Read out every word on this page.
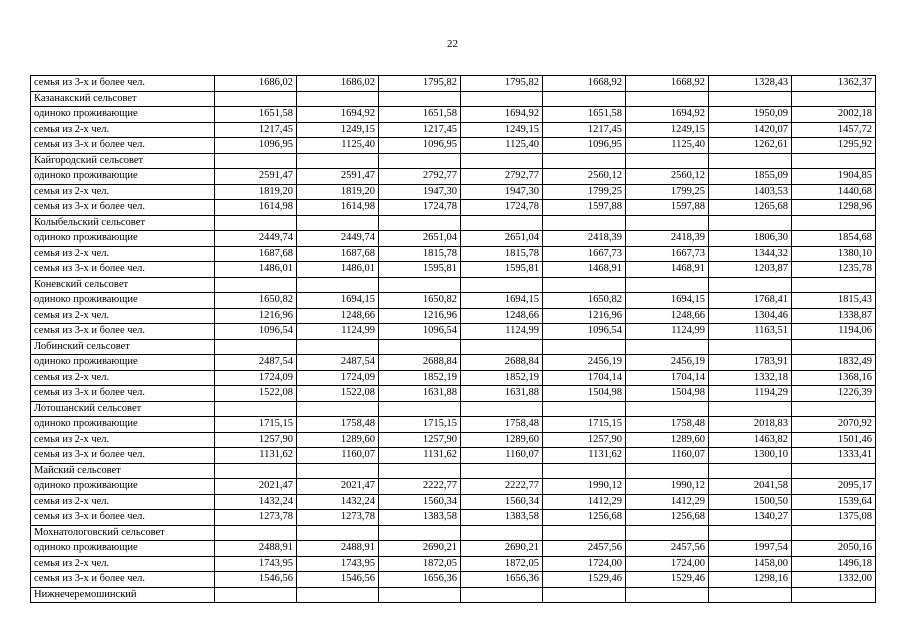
22
семья из 3-х и более чел.	1686,02	1686,02	1795,82	1795,82	1668,92	1668,92	1328,43	1362,37
Казанакский сельсовет								
одиноко проживающие	1651,58	1694,92	1651,58	1694,92	1651,58	1694,92	1950,09	2002,18
семья из 2-х чел.	1217,45	1249,15	1217,45	1249,15	1217,45	1249,15	1420,07	1457,72
семья из 3-х и более чел.	1096,95	1125,40	1096,95	1125,40	1096,95	1125,40	1262,61	1295,92
Кайгородский сельсовет								
одиноко проживающие	2591,47	2591,47	2792,77	2792,77	2560,12	2560,12	1855,09	1904,85
семья из 2-х чел.	1819,20	1819,20	1947,30	1947,30	1799,25	1799,25	1403,53	1440,68
семья из 3-х и более чел.	1614,98	1614,98	1724,78	1724,78	1597,88	1597,88	1265,68	1298,96
Колыбельский сельсовет								
одиноко проживающие	2449,74	2449,74	2651,04	2651,04	2418,39	2418,39	1806,30	1854,68
семья из 2-х чел.	1687,68	1687,68	1815,78	1815,78	1667,73	1667,73	1344,32	1380,10
семья из 3-х и более чел.	1486,01	1486,01	1595,81	1595,81	1468,91	1468,91	1203,87	1235,78
Коневский сельсовет								
одиноко проживающие	1650,82	1694,15	1650,82	1694,15	1650,82	1694,15	1768,41	1815,43
семья из 2-х чел.	1216,96	1248,66	1216,96	1248,66	1216,96	1248,66	1304,46	1338,87
семья из 3-х и более чел.	1096,54	1124,99	1096,54	1124,99	1096,54	1124,99	1163,51	1194,06
Лобинский сельсовет								
одиноко проживающие	2487,54	2487,54	2688,84	2688,84	2456,19	2456,19	1783,91	1832,49
семья из 2-х чел.	1724,09	1724,09	1852,19	1852,19	1704,14	1704,14	1332,18	1368,16
семья из 3-х и более чел.	1522,08	1522,08	1631,88	1631,88	1504,98	1504,98	1194,29	1226,39
Лотошанский сельсовет								
одиноко проживающие	1715,15	1758,48	1715,15	1758,48	1715,15	1758,48	2018,83	2070,92
семья из 2-х чел.	1257,90	1289,60	1257,90	1289,60	1257,90	1289,60	1463,82	1501,46
семья из 3-х и более чел.	1131,62	1160,07	1131,62	1160,07	1131,62	1160,07	1300,10	1333,41
Майский сельсовет								
одиноко проживающие	2021,47	2021,47	2222,77	2222,77	1990,12	1990,12	2041,58	2095,17
семья из 2-х чел.	1432,24	1432,24	1560,34	1560,34	1412,29	1412,29	1500,50	1539,64
семья из 3-х и более чел.	1273,78	1273,78	1383,58	1383,58	1256,68	1256,68	1340,27	1375,08
Мохнатологовский сельсовет								
одиноко проживающие	2488,91	2488,91	2690,21	2690,21	2457,56	2457,56	1997,54	2050,16
семья из 2-х чел.	1743,95	1743,95	1872,05	1872,05	1724,00	1724,00	1458,00	1496,18
семья из 3-х и более чел.	1546,56	1546,56	1656,36	1656,36	1529,46	1529,46	1298,16	1332,00
Нижнечеремошинский								
